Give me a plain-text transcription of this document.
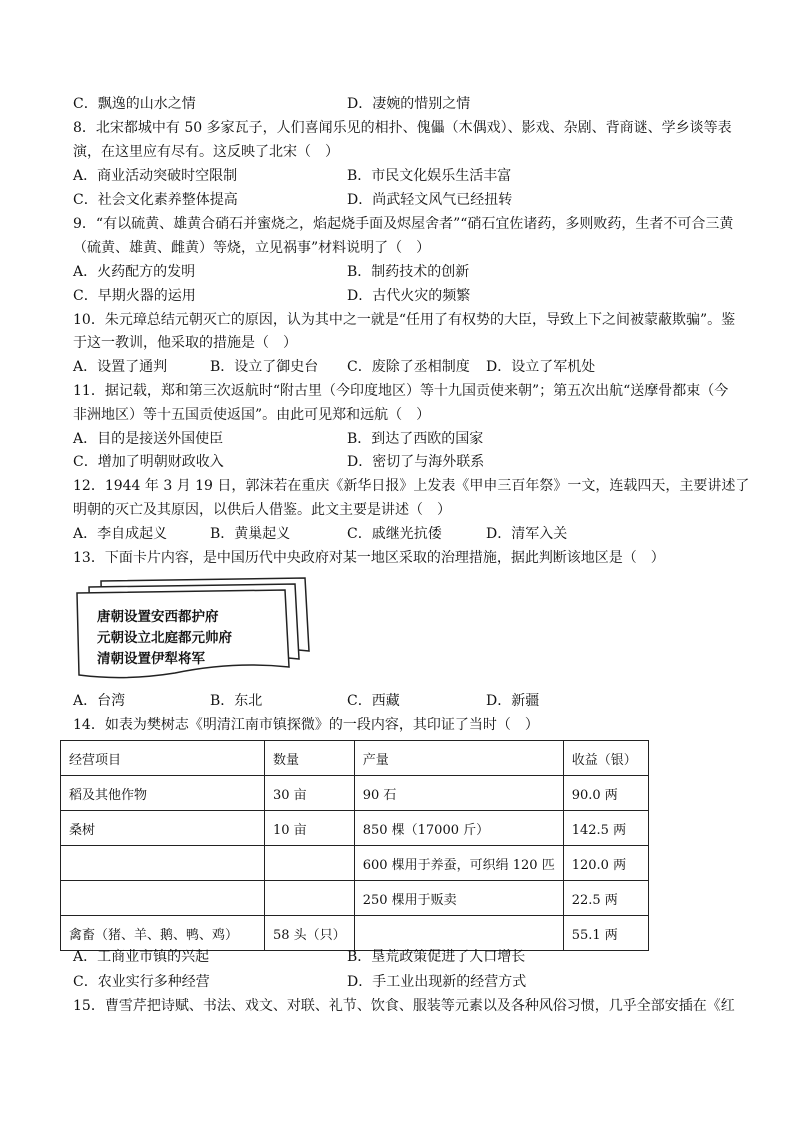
C．飘逸的山水之情	D．凄婉的惜别之情
8．北宋都城中有 50 多家瓦子，人们喜闻乐见的相扑、傀儡（木偶戏）、影戏、杂剧、背商谜、学乡谈等表
演，在这里应有尽有。这反映了北宋（　）
A．商业活动突破时空限制	B．市民文化娱乐生活丰富
C．社会文化素养整体提高	D．尚武轻文风气已经扭转
9．“有以硫黄、雄黄合硝石并蜜烧之，焰起烧手面及烬屋舍者”“硝石宜佐诸药，多则败药，生者不可合三黄
（硫黄、雄黄、雌黄）等烧，立见祸事”材料说明了（　）
A．火药配方的发明	B．制药技术的创新
C．早期火器的运用	D．古代火灾的频繁
10．朱元璋总结元朝灭亡的原因，认为其中之一就是“任用了有权势的大臣，导致上下之间被蒙蔽欺骗”。鉴
于这一教训，他采取的措施是（　）
A．设置了通判	B．设立了御史台 C．废除了丞相制度 D．设立了军机处
11．据记载，郑和第三次返航时“附古里（今印度地区）等十九国贡使来朝”；第五次出航“送摩骨都束（今
非洲地区）等十五国贡使返国”。由此可见郑和远航（　）
A．目的是接送外国使臣	B．到达了西欧的国家
C．增加了明朝财政收入	D．密切了与海外联系
12．1944 年 3 月 19 日，郭沫若在重庆《新华日报》上发表《甲申三百年祭》一文，连载四天，主要讲述了
明朝的灭亡及其原因，以供后人借鉴。此文主要是讲述（　）
A．李自成起义	B．黄巢起义	C．戚继光抗倭	D．清军入关
13．下面卡片内容，是中国历代中央政府对某一地区采取的治理措施，据此判断该地区是（　）
唐朝设置安西都护府
元朝设立北庭都元帅府
清朝设置伊犁将军
A．台湾	B．东北	C．西藏	D．新疆
14．如表为樊树志《明清江南市镇探微》的一段内容，其印证了当时（　）
经营项目	数量	产量	收益（银）
稻及其他作物	30 亩	90 石	90.0 两
桑树	10 亩	850 棵（17000 斤）	142.5 两
		600 棵用于养蚕，可织绢 120 匹	120.0 两
		250 棵用于贩卖	22.5 两
禽畜（猪、羊、鹅、鸭、鸡）	58 头（只）		55.1 两
A．工商业市镇的兴起	B．垦荒政策促进了人口增长
C．农业实行多种经营	D．手工业出现新的经营方式
15．曹雪芹把诗赋、书法、戏文、对联、礼节、饮食、服装等元素以及各种风俗习惯，几乎全部安插在《红
